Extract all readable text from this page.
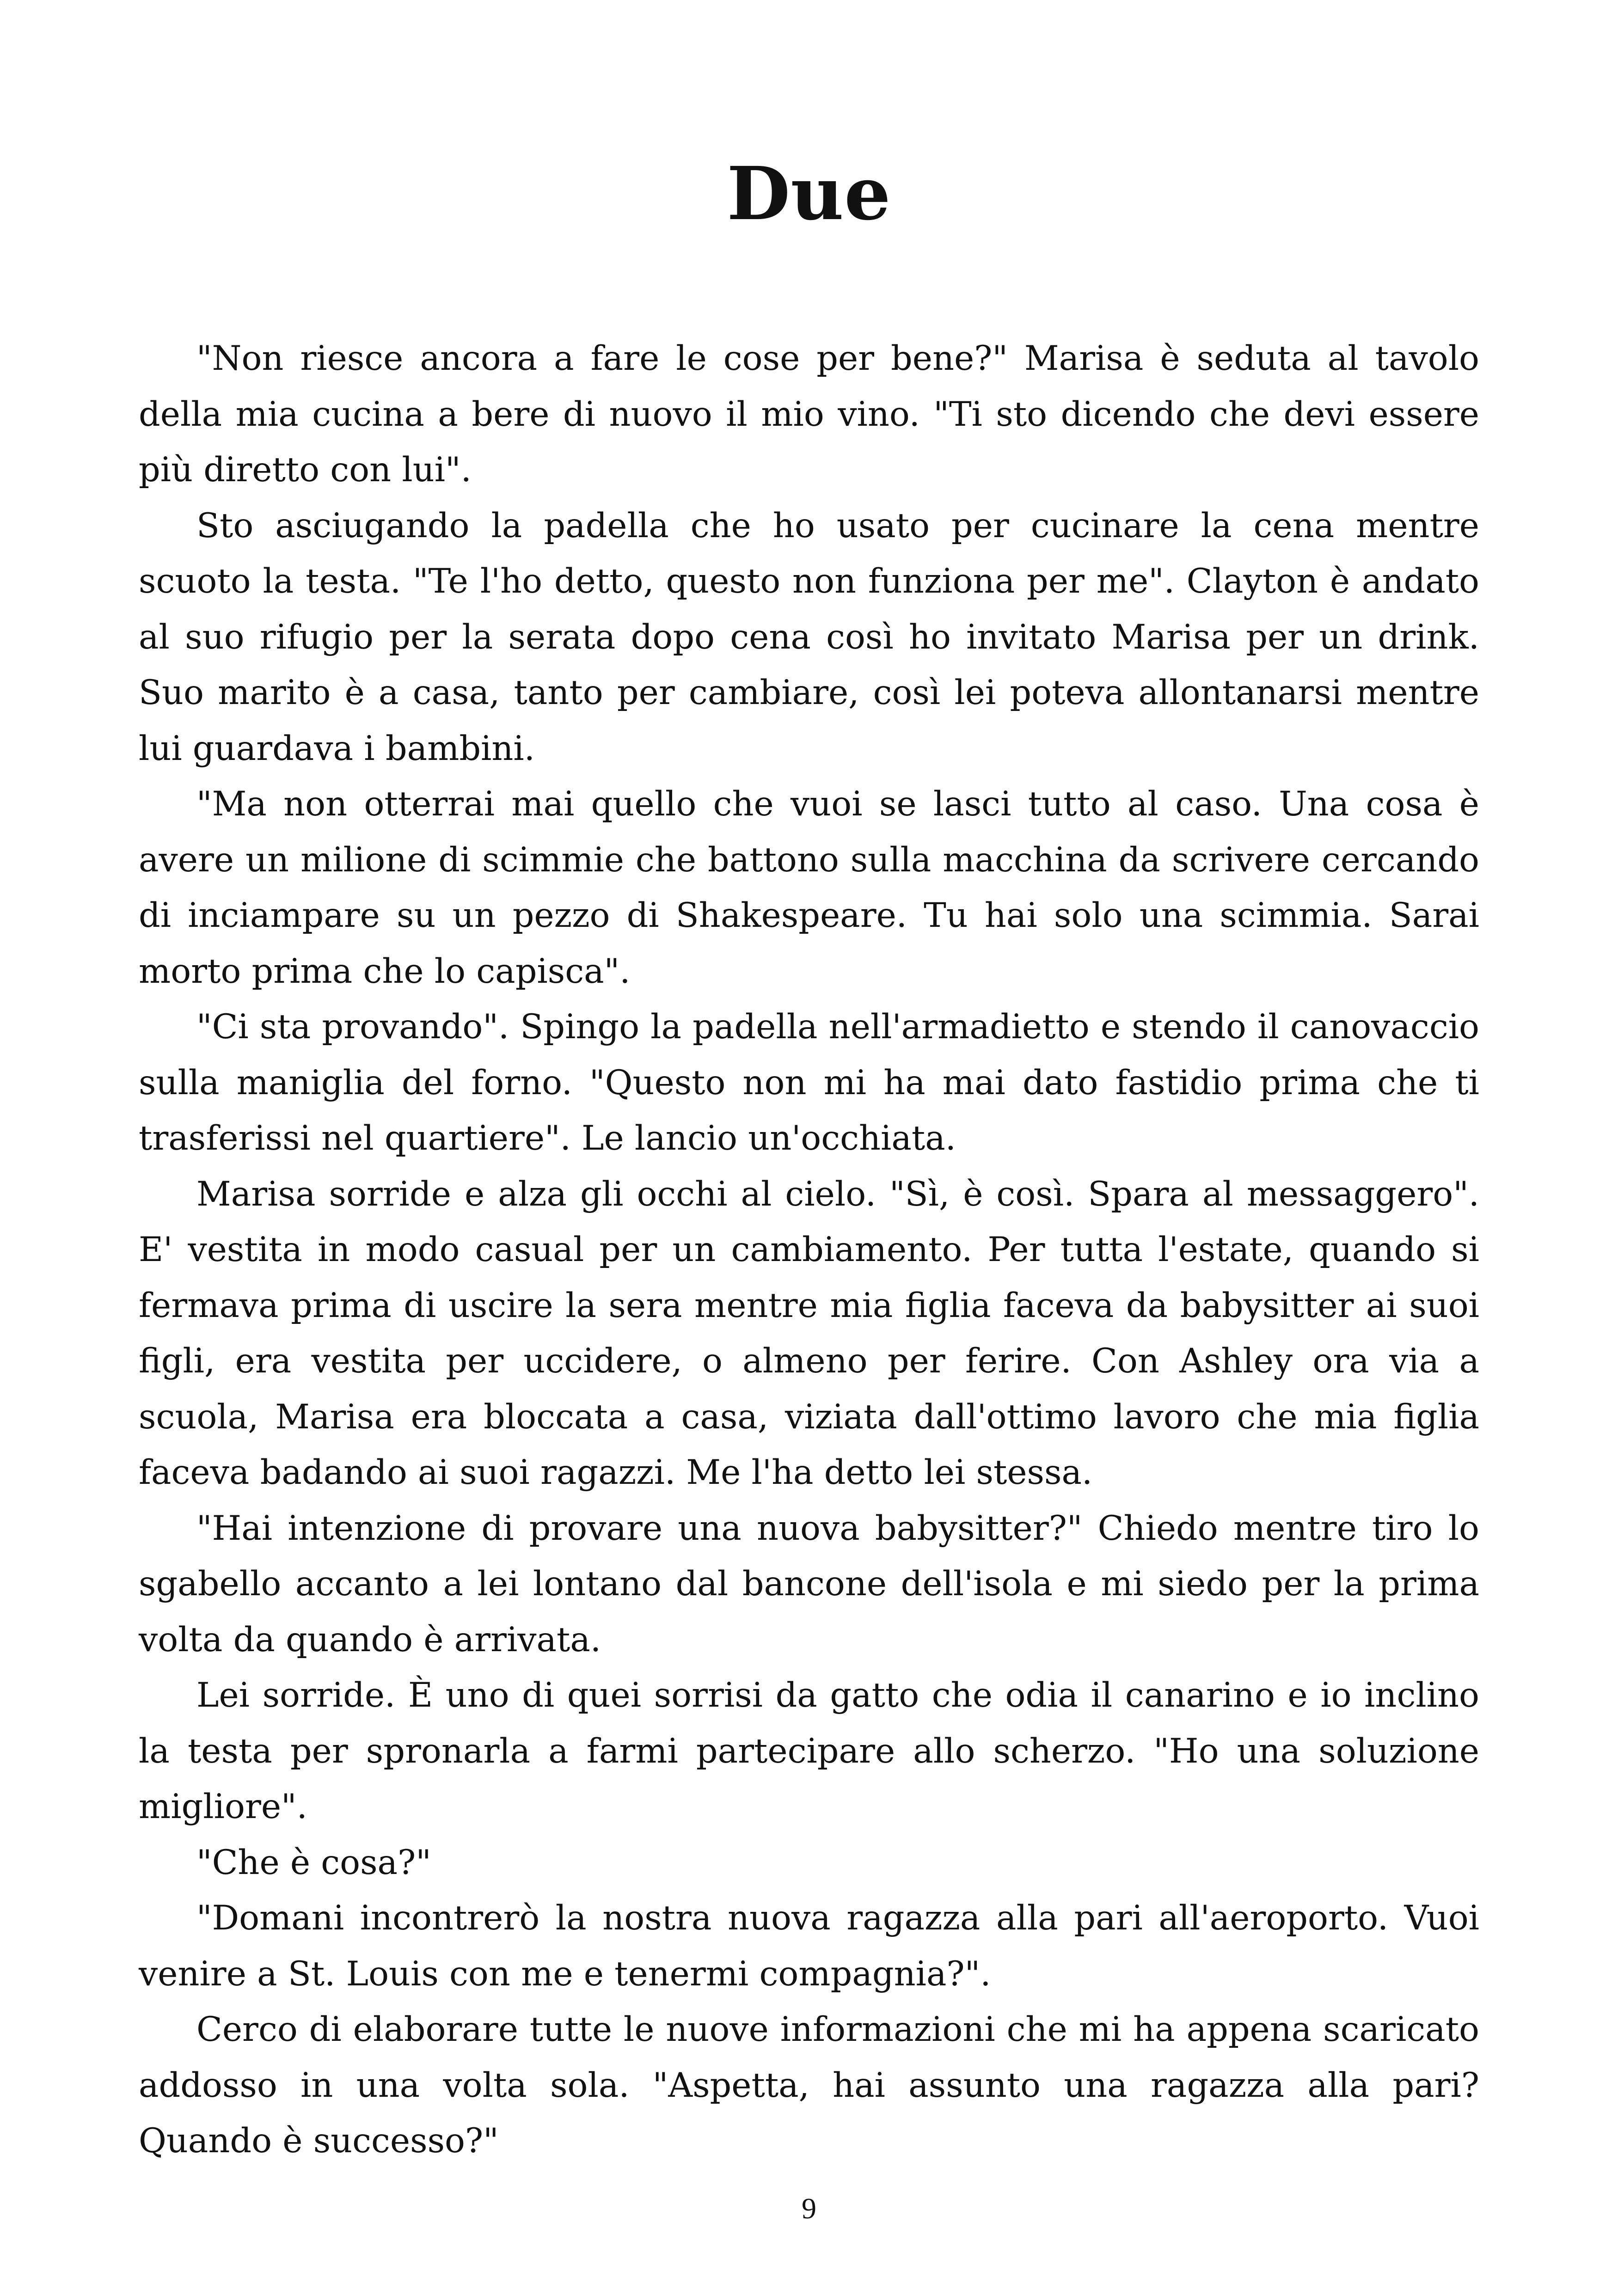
Due

"Non riesce ancora a fare le cose per bene?" Marisa è seduta al tavolo della mia cucina a bere di nuovo il mio vino. "Ti sto dicendo che devi essere più diretto con lui".

Sto asciugando la padella che ho usato per cucinare la cena mentre scuoto la testa. "Te l'ho detto, questo non funziona per me". Clayton è andato al suo rifugio per la serata dopo cena così ho invitato Marisa per un drink. Suo marito è a casa, tanto per cambiare, così lei poteva allontanarsi mentre lui guardava i bambini.

"Ma non otterrai mai quello che vuoi se lasci tutto al caso. Una cosa è avere un milione di scimmie che battono sulla macchina da scrivere cercando di inciampare su un pezzo di Shakespeare. Tu hai solo una scimmia. Sarai morto prima che lo capisca".

"Ci sta provando". Spingo la padella nell'armadietto e stendo il canovaccio sulla maniglia del forno. "Questo non mi ha mai dato fastidio prima che ti trasferissi nel quartiere". Le lancio un'occhiata.

Marisa sorride e alza gli occhi al cielo. "Sì, è così. Spara al messaggero". E' vestita in modo casual per un cambiamento. Per tutta l'estate, quando si fermava prima di uscire la sera mentre mia figlia faceva da babysitter ai suoi figli, era vestita per uccidere, o almeno per ferire. Con Ashley ora via a scuola, Marisa era bloccata a casa, viziata dall'ottimo lavoro che mia figlia faceva badando ai suoi ragazzi. Me l'ha detto lei stessa.

"Hai intenzione di provare una nuova babysitter?" Chiedo mentre tiro lo sgabello accanto a lei lontano dal bancone dell'isola e mi siedo per la prima volta da quando è arrivata.

Lei sorride. È uno di quei sorrisi da gatto che odia il canarino e io inclino la testa per spronarla a farmi partecipare allo scherzo. "Ho una soluzione migliore".

"Che è cosa?"

"Domani incontrerò la nostra nuova ragazza alla pari all'aeroporto. Vuoi venire a St. Louis con me e tenermi compagnia?".

Cerco di elaborare tutte le nuove informazioni che mi ha appena scaricato addosso in una volta sola. "Aspetta, hai assunto una ragazza alla pari? Quando è successo?"

9
